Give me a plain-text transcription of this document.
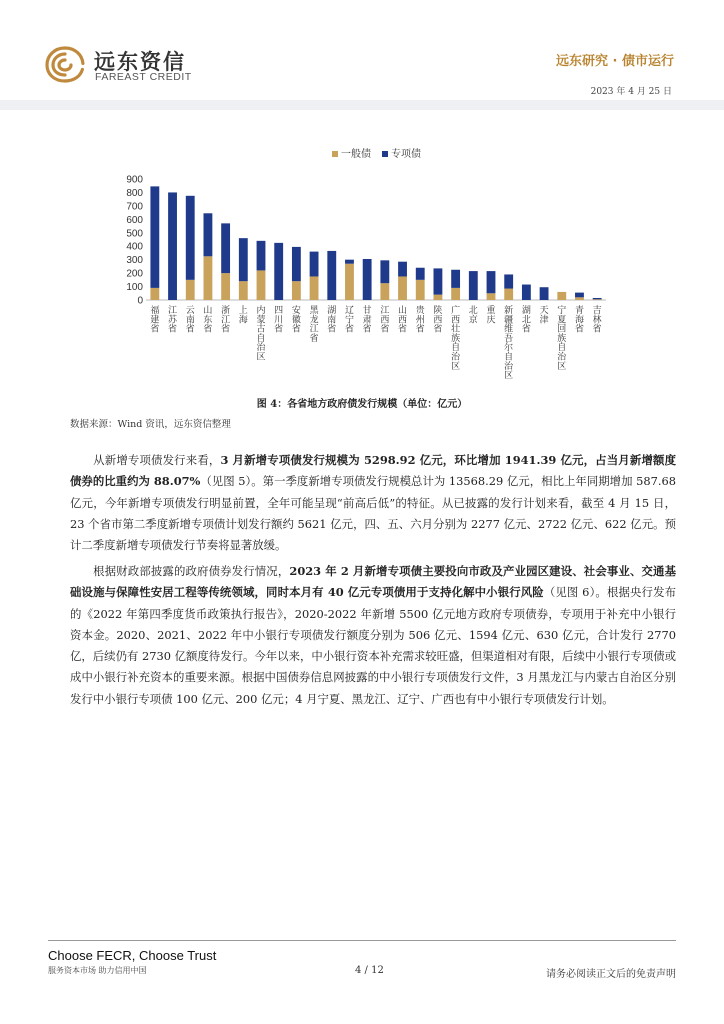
远东资信
FAREAST CREDIT
远东研究 · 债市运行
2023 年 4 月 25 日
0
100
200
300
400
500
600
700
800
900
福建省
江苏省
云南省
山东省
浙江省
上海
内蒙古自治区
四川省
安徽省
黑龙江省
湖南省
辽宁省
甘肃省
江西省
山西省
贵州省
陕西省
广西壮族自治区
北京
重庆
新疆维吾尔自治区
湖北省
天津
宁夏回族自治区
青海省
吉林省
一般债 专项债
图 4：各省地方政府债发行规模（单位：亿元）
数据来源：Wind 资讯，远东资信整理
从新增专项债发行来看，3 月新增专项债发行规模为 5298.92 亿元，环比增加 1941.39 亿元，占当月新增额度债券的比重约为 88.07%（见图 5）。第一季度新增专项债发行规模总计为 13568.29 亿元，相比上年同期增加 587.68 亿元，今年新增专项债发行明显前置，全年可能呈现“前高后低”的特征。从已披露的发行计划来看，截至 4 月 15 日，23 个省市第二季度新增专项债计划发行额约 5621 亿元，四、五、六月分别为 2277 亿元、2722 亿元、622 亿元。预计二季度新增专项债发行节奏将显著放缓。
根据财政部披露的政府债券发行情况，2023 年 2 月新增专项债主要投向市政及产业园区建设、社会事业、交通基础设施与保障性安居工程等传统领域，同时本月有 40 亿元专项债用于支持化解中小银行风险（见图 6）。根据央行发布的《2022 年第四季度货币政策执行报告》，2020-2022 年新增 5500 亿元地方政府专项债券，专项用于补充中小银行资本金。2020、2021、2022 年中小银行专项债发行额度分别为 506 亿元、1594 亿元、630 亿元，合计发行 2770 亿，后续仍有 2730 亿额度待发行。今年以来，中小银行资本补充需求较旺盛，但渠道相对有限，后续中小银行专项债或成中小银行补充资本的重要来源。根据中国债券信息网披露的中小银行专项债发行文件，3 月黑龙江与内蒙古自治区分别发行中小银行专项债 100 亿元、200 亿元；4 月宁夏、黑龙江、辽宁、广西也有中小银行专项债发行计划。
Choose FECR, Choose Trust
服务资本市场 助力信用中国	4 / 12	请务必阅读正文后的免责声明
